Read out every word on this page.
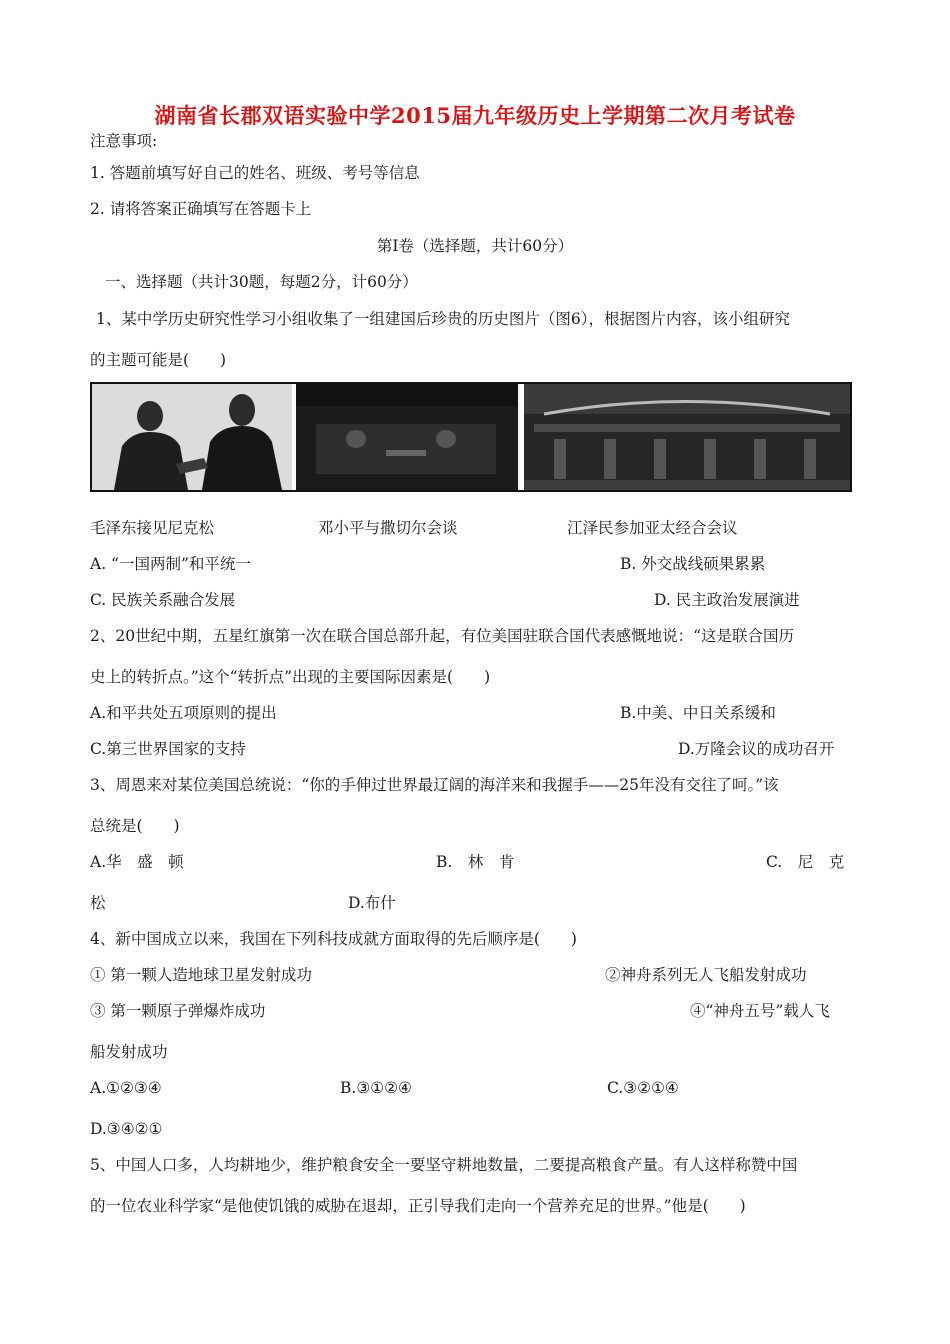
湖南省长郡双语实验中学2015届九年级历史上学期第二次月考试卷
注意事项:
1. 答题前填写好自己的姓名、班级、考号等信息
2. 请将答案正确填写在答题卡上
第I卷（选择题，共计60分）
一、选择题（共计30题，每题2分，计60分）
1、某中学历史研究性学习小组收集了一组建国后珍贵的历史图片（图6），根据图片内容，该小组研究
的主题可能是(　　)
毛泽东接见尼克松	邓小平与撒切尔会谈	江泽民参加亚太经合会议
A. “一国两制”和平统一	B. 外交战线硕果累累
C. 民族关系融合发展	D. 民主政治发展演进
2、20世纪中期，五星红旗第一次在联合国总部升起，有位美国驻联合国代表感慨地说：“这是联合国历
史上的转折点。”这个“转折点”出现的主要国际因素是(　　)
A.和平共处五项原则的提出	B.中美、中日关系缓和
C.第三世界国家的支持	D.万隆会议的成功召开
3、周恩来对某位美国总统说：“你的手伸过世界最辽阔的海洋来和我握手——25年没有交往了呵。”该
总统是(　　)
A.华　盛　顿	B.　林　肯	C.　尼　克
松	D.布什
4、新中国成立以来，我国在下列科技成就方面取得的先后顺序是(　　)
① 第一颗人造地球卫星发射成功	②神舟系列无人飞船发射成功
③ 第一颗原子弹爆炸成功	④“神舟五号”载人飞
船发射成功
A.①②③④	B.③①②④	C.③②①④
D.③④②①
5、中国人口多，人均耕地少，维护粮食安全一要坚守耕地数量，二要提高粮食产量。有人这样称赞中国
的一位农业科学家“是他使饥饿的威胁在退却，正引导我们走向一个营养充足的世界。”他是(　　)
